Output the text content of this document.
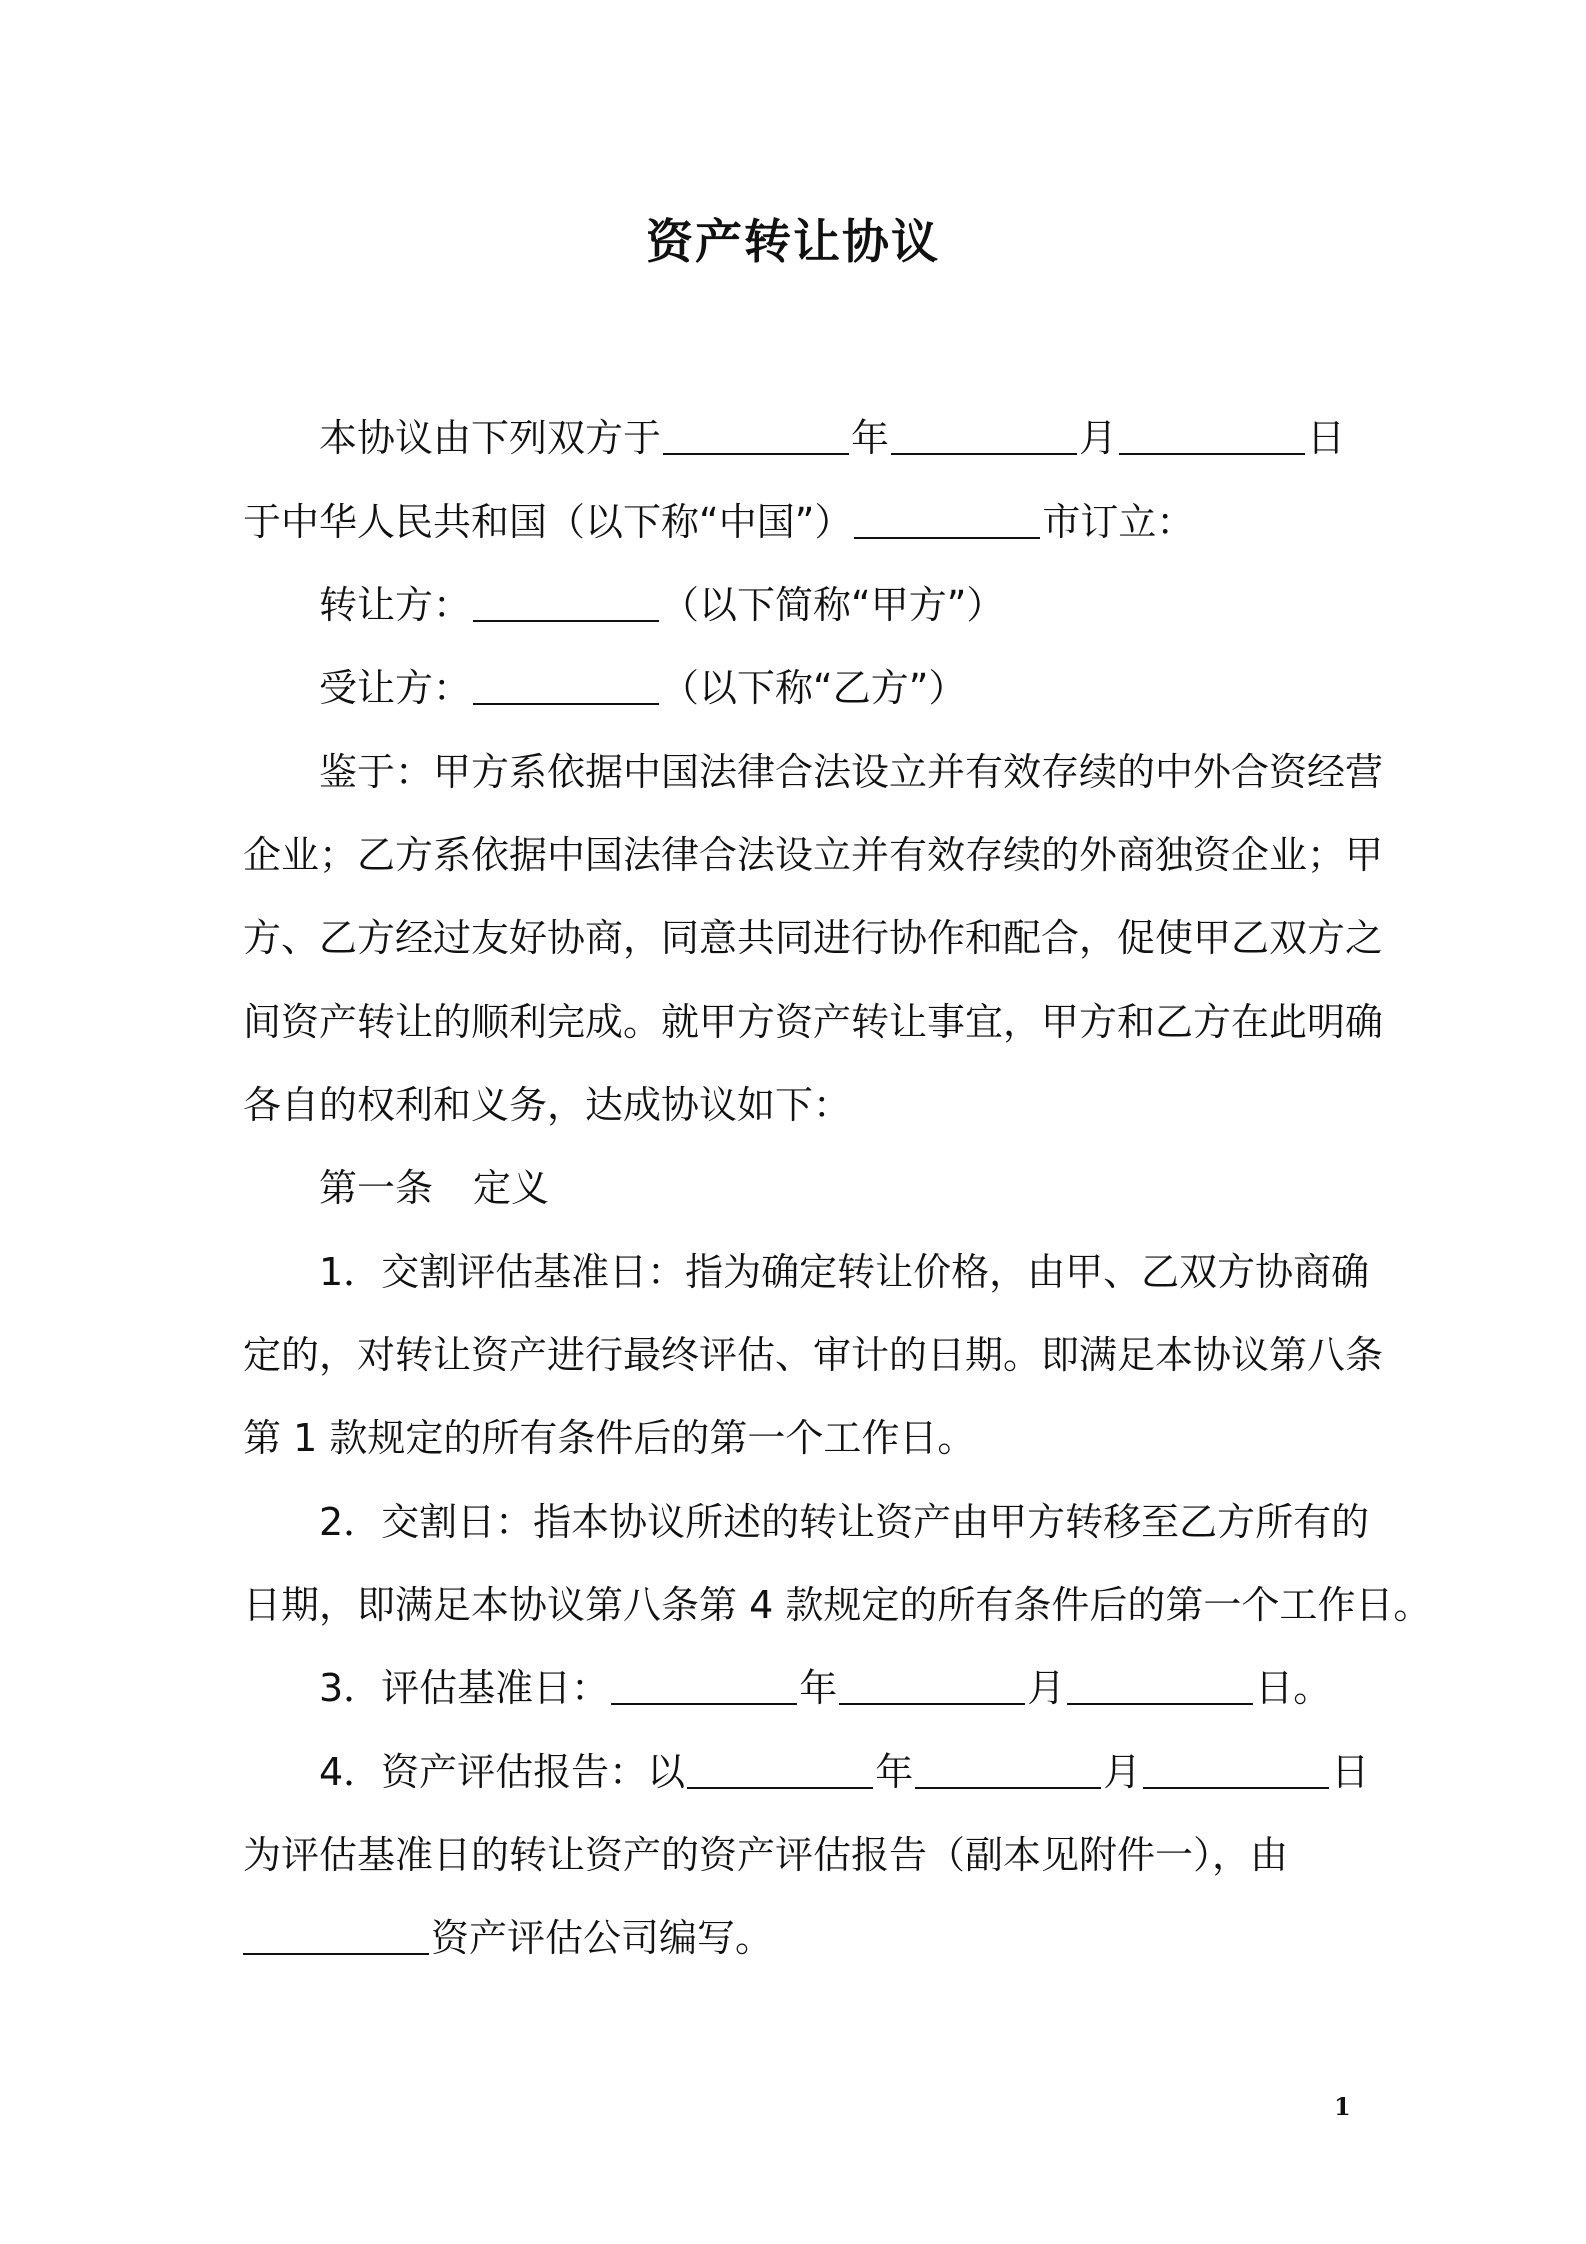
资产转让协议
本协议由下列双方于	年	月	日
于中华人民共和国（以下称“中国”）	市订立：
转让方：	（以下简称“甲方”）
受让方：	（以下称“乙方”）
鉴于：甲方系依据中国法律合法设立并有效存续的中外合资经营
企业；乙方系依据中国法律合法设立并有效存续的外商独资企业；甲
方、乙方经过友好协商，同意共同进行协作和配合，促使甲乙双方之
间资产转让的顺利完成。就甲方资产转让事宜，甲方和乙方在此明确
各自的权利和义务，达成协议如下：
第一条 定义
1．交割评估基准日：指为确定转让价格，由甲、乙双方协商确
定的，对转让资产进行最终评估、审计的日期。即满足本协议第八条
第 1 款规定的所有条件后的第一个工作日。
2．交割日：指本协议所述的转让资产由甲方转移至乙方所有的
日期，即满足本协议第八条第 4 款规定的所有条件后的第一个工作日。
3．评估基准日：	年	月	日。
4．资产评估报告：以	年	月	日
为评估基准日的转让资产的资产评估报告（副本见附件一），由
资产评估公司编写。
1
